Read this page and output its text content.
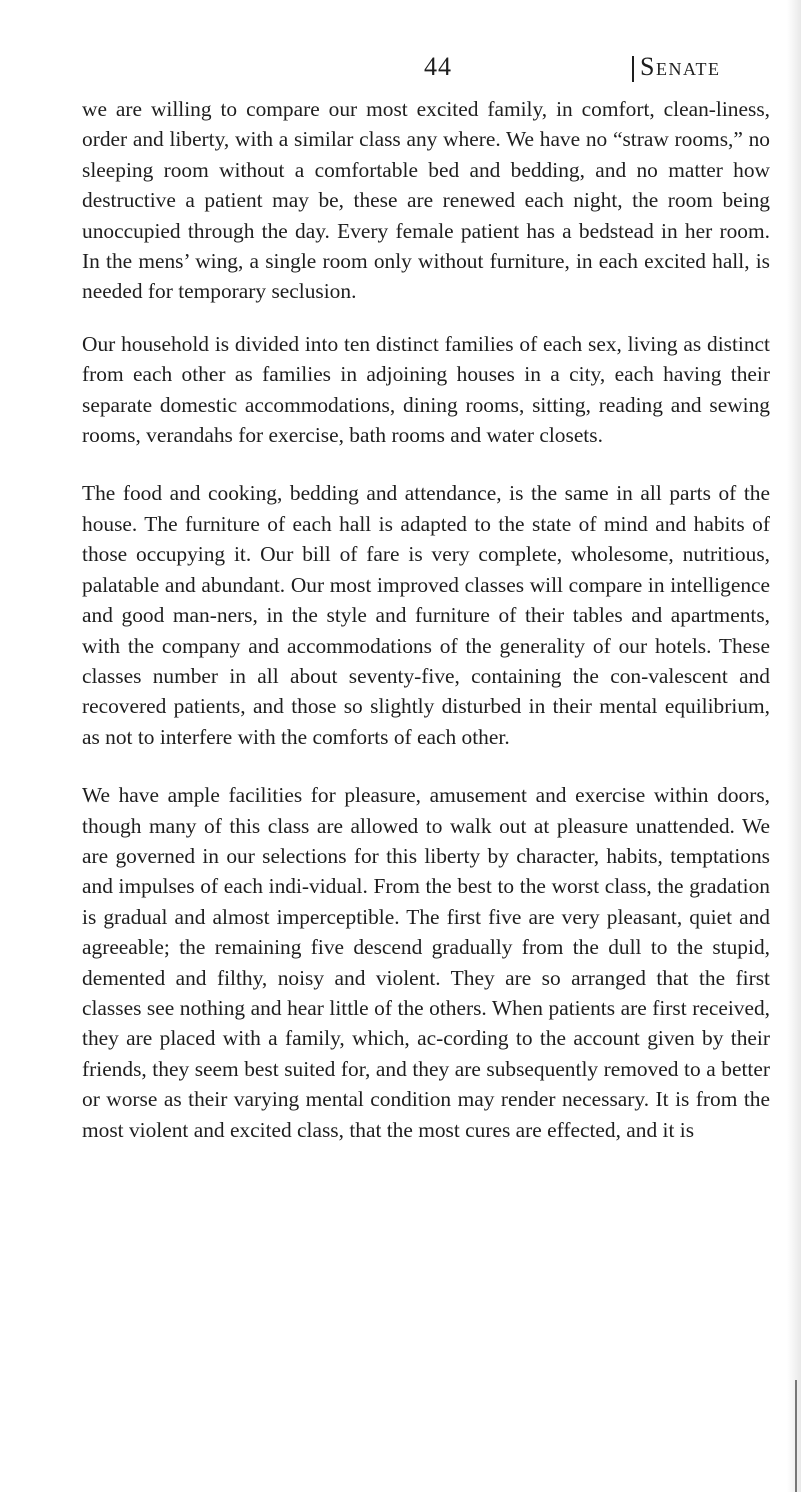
44	Senate

we are willing to compare our most excited family, in comfort, clean-liness, order and liberty, with a similar class any where. We have no “straw rooms,” no sleeping room without a comfortable bed and bedding, and no matter how destructive a patient may be, these are renewed each night, the room being unoccupied through the day. Every female patient has a bedstead in her room. In the mens’ wing, a single room only without furniture, in each excited hall, is needed for temporary seclusion.

Our household is divided into ten distinct families of each sex, living as distinct from each other as families in adjoining houses in a city, each having their separate domestic accommodations, dining rooms, sitting, reading and sewing rooms, verandahs for exercise, bath rooms and water closets.

The food and cooking, bedding and attendance, is the same in all parts of the house. The furniture of each hall is adapted to the state of mind and habits of those occupying it. Our bill of fare is very complete, wholesome, nutritious, palatable and abundant. Our most improved classes will compare in intelligence and good man-ners, in the style and furniture of their tables and apartments, with the company and accommodations of the generality of our hotels. These classes number in all about seventy-five, containing the con-valescent and recovered patients, and those so slightly disturbed in their mental equilibrium, as not to interfere with the comforts of each other.

We have ample facilities for pleasure, amusement and exercise within doors, though many of this class are allowed to walk out at pleasure unattended. We are governed in our selections for this liberty by character, habits, temptations and impulses of each indi-vidual. From the best to the worst class, the gradation is gradual and almost imperceptible. The first five are very pleasant, quiet and agreeable; the remaining five descend gradually from the dull to the stupid, demented and filthy, noisy and violent. They are so arranged that the first classes see nothing and hear little of the others. When patients are first received, they are placed with a family, which, ac-cording to the account given by their friends, they seem best suited for, and they are subsequently removed to a better or worse as their varying mental condition may render necessary. It is from the most violent and excited class, that the most cures are effected, and it is
